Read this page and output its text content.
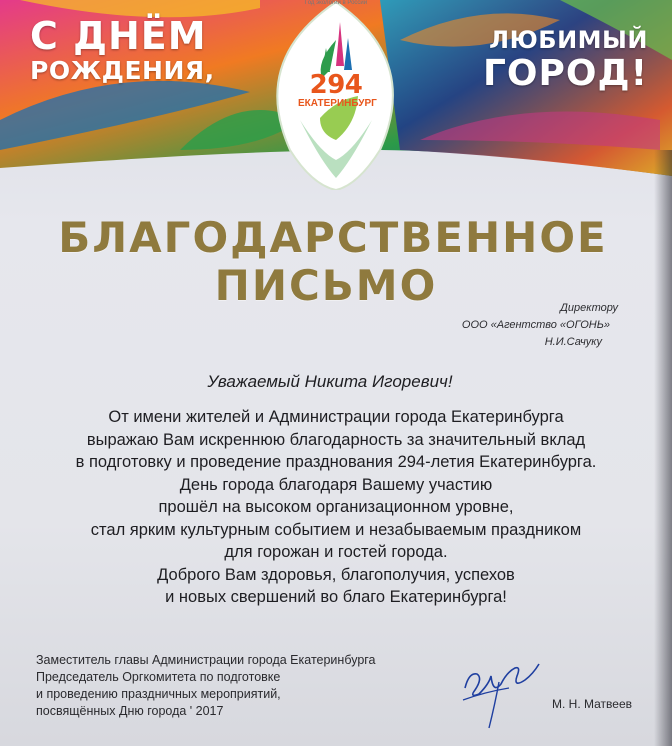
С ДНЁМ
РОЖДЕНИЯ,
ЛЮБИМЫЙ
ГОРОД!
Год экологии в России
294
ЕКАТЕРИНБУРГ
БЛАГОДАРСТВЕННОЕ
ПИСЬМО	Директору
ООО «Агентство «ОГОНЬ»
Н.И.Сачуку
Уважаемый Никита Игоревич!
От имени жителей и Администрации города Екатеринбурга
выражаю Вам искреннюю благодарность за значительный вклад
в подготовку и проведение празднования 294-летия Екатеринбурга.
День города благодаря Вашему участию
прошёл на высоком организационном уровне,
стал ярким культурным событием и незабываемым праздником
для горожан и гостей города.
Доброго Вам здоровья, благополучия, успехов
и новых свершений во благо Екатеринбурга!
Заместитель главы Администрации города Екатеринбурга
Председатель Оргкомитета по подготовке
и проведению праздничных мероприятий,
посвящённых Дню города ' 2017	М. Н. Матвеев
